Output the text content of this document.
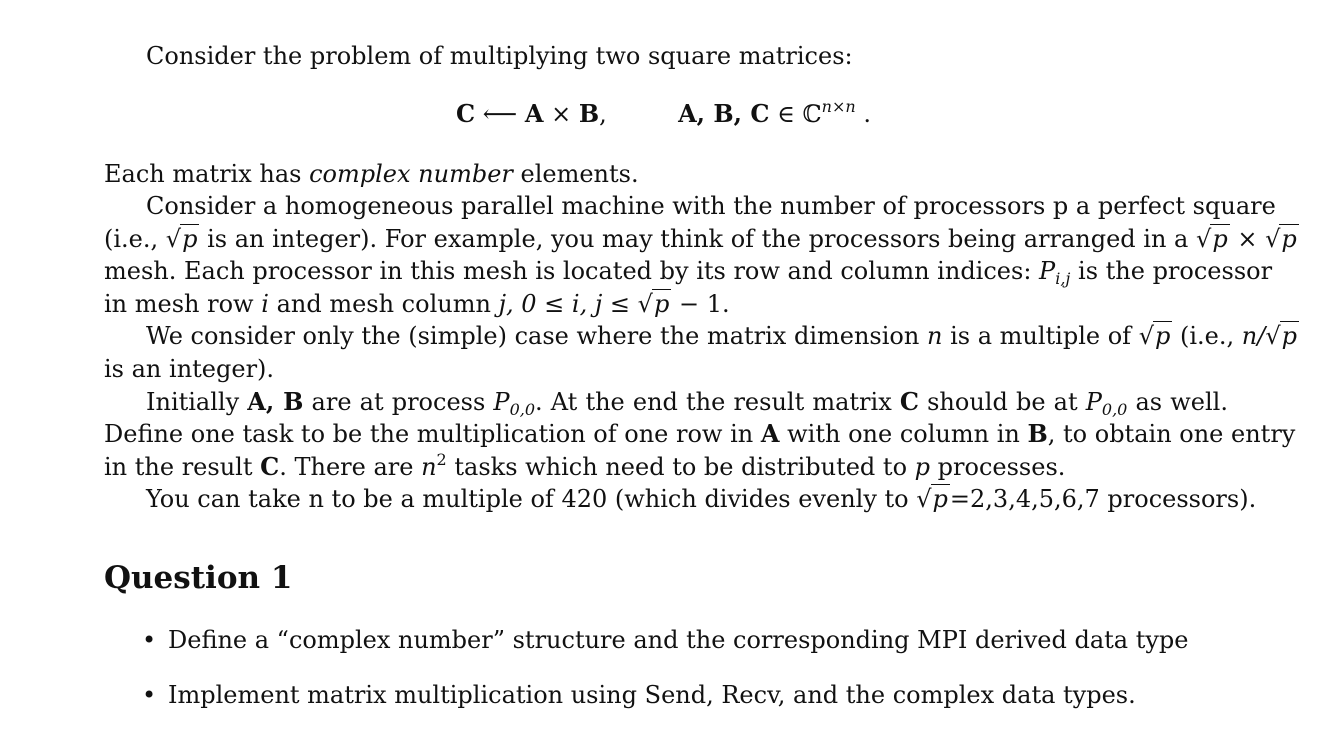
Consider the problem of multiplying two square matrices:
C ⟵ A × B,	A, B, C ∈ ℂ$^{n\times n}$ .
Each matrix has complex number elements.
Consider a homogeneous parallel machine with the number of processors p a perfect square
(i.e., √p is an integer). For example, you may think of the processors being arranged in a √p × √p
mesh. Each processor in this mesh is located by its row and column indices: $P_{i,j}$ is the processor
in mesh row i and mesh column j, 0 ≤ i, j ≤ √p − 1.
We consider only the (simple) case where the matrix dimension n is a multiple of √p (i.e., n/√p
is an integer).
Initially A, B are at process $P_{0,0}$. At the end the result matrix C should be at $P_{0,0}$ as well.
Define one task to be the multiplication of one row in A with one column in B, to obtain one entry
in the result C. There are $n^2$ tasks which need to be distributed to p processes.
You can take n to be a multiple of 420 (which divides evenly to √p=2,3,4,5,6,7 processors).
Question 1
• Define a “complex number” structure and the corresponding MPI derived data type
• Implement matrix multiplication using Send, Recv, and the complex data types.
